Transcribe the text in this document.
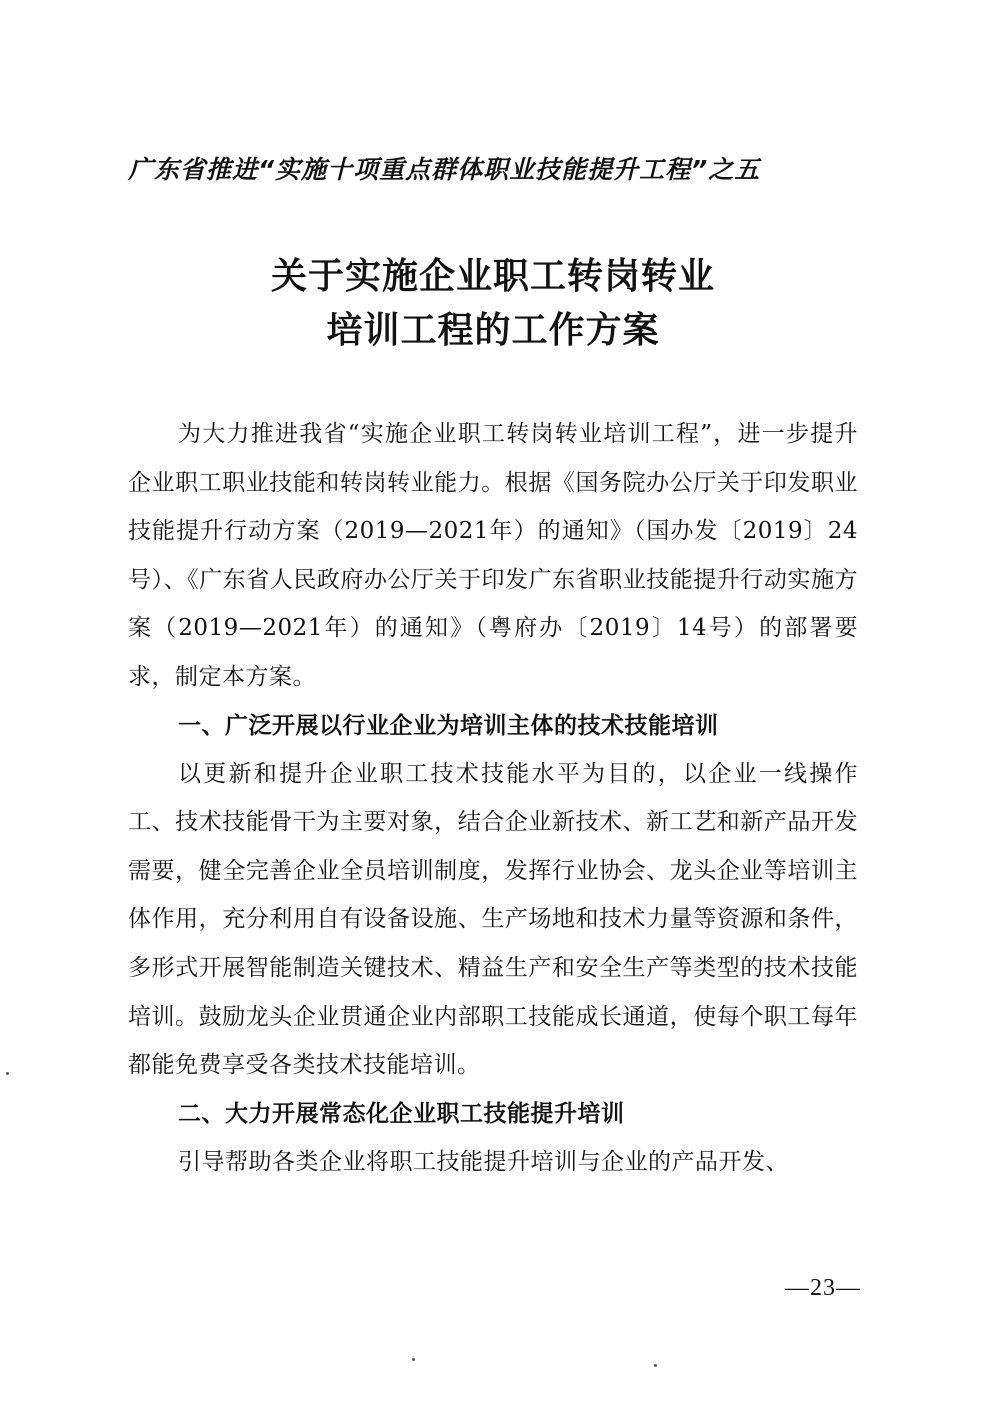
广东省推进“实施十项重点群体职业技能提升工程”之五
关于实施企业职工转岗转业
培训工程的工作方案

为大力推进我省“实施企业职工转岗转业培训工程”，进一步提升企业职工职业技能和转岗转业能力。根据《国务院办公厅关于印发职业技能提升行动方案（2019—2021年）的通知》（国办发〔2019〕24号）、《广东省人民政府办公厅关于印发广东省职业技能提升行动实施方案（2019—2021年）的通知》（粤府办〔2019〕14号）的部署要求，制定本方案。

一、广泛开展以行业企业为培训主体的技术技能培训

以更新和提升企业职工技术技能水平为目的，以企业一线操作工、技术技能骨干为主要对象，结合企业新技术、新工艺和新产品开发需要，健全完善企业全员培训制度，发挥行业协会、龙头企业等培训主体作用，充分利用自有设备设施、生产场地和技术力量等资源和条件，多形式开展智能制造关键技术、精益生产和安全生产等类型的技术技能培训。鼓励龙头企业贯通企业内部职工技能成长通道，使每个职工每年都能免费享受各类技术技能培训。

二、大力开展常态化企业职工技能提升培训

引导帮助各类企业将职工技能提升培训与企业的产品开发、

—23—
